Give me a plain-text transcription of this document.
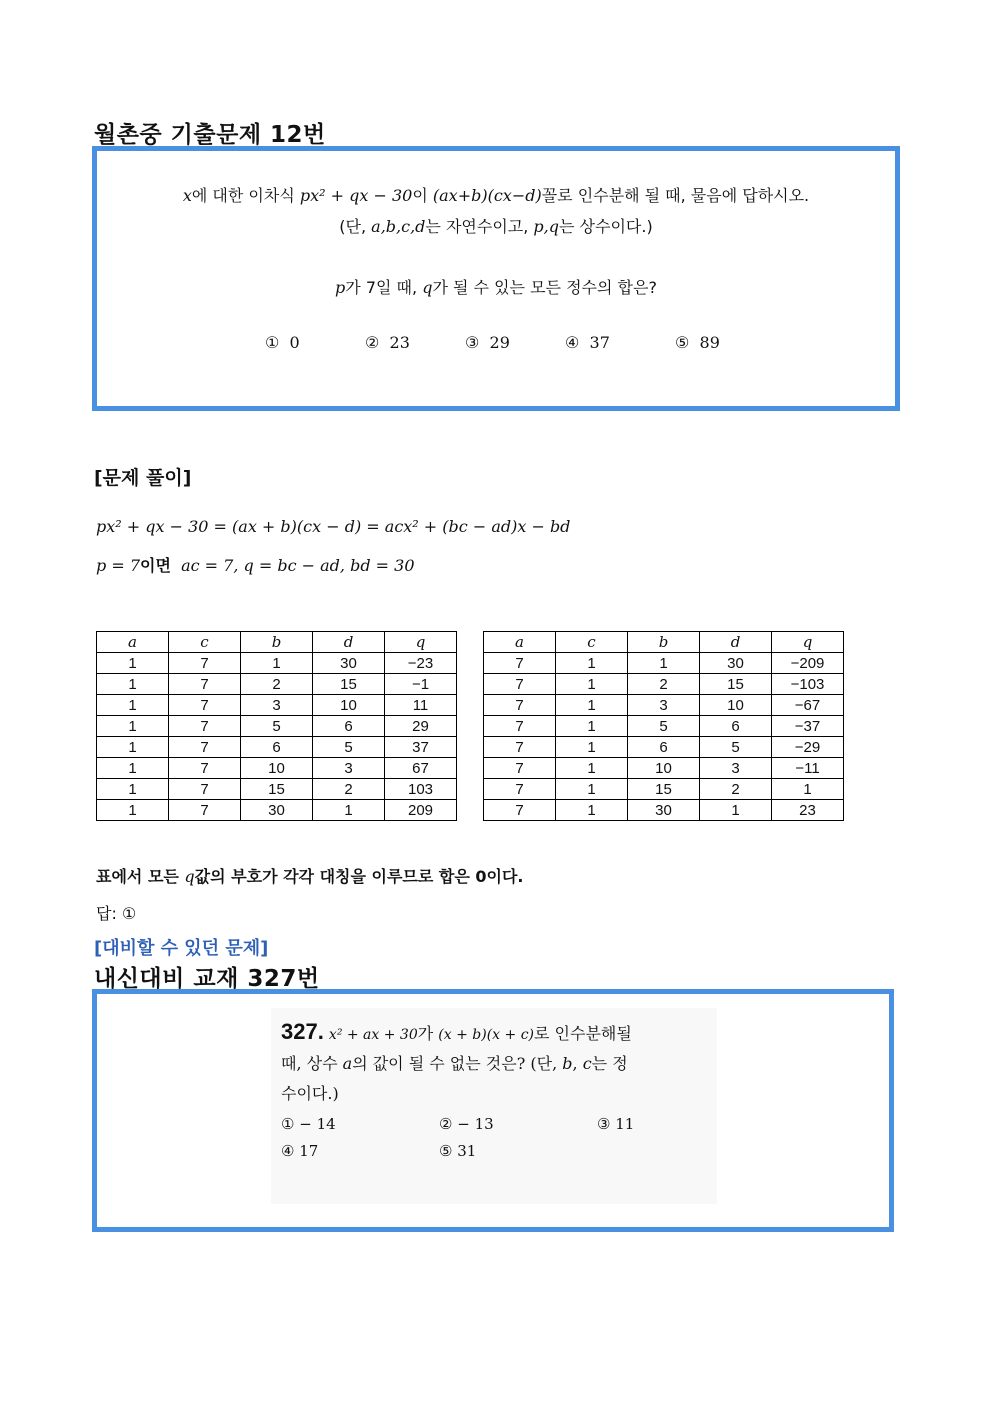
월촌중 기출문제 12번
x에 대한 이차식 px² + qx − 30이 (ax+b)(cx−d)꼴로 인수분해 될 때, 물음에 답하시오.
(단, a,b,c,d는 자연수이고, p,q는 상수이다.)
p가 7일 때, q가 될 수 있는 모든 정수의 합은?
① 0	② 23	③ 29	④ 37	⑤ 89
[문제 풀이]
px² + qx − 30 = (ax + b)(cx − d) = acx² + (bc − ad)x − bd
p = 7이면 ac = 7, q = bc − ad, bd = 30
a	c	b	d	q
1	7	1	30	−23
1	7	2	15	−1
1	7	3	10	11
1	7	5	6	29
1	7	6	5	37
1	7	10	3	67
1	7	15	2	103
1	7	30	1	209
a	c	b	d	q
7	1	1	30	−209
7	1	2	15	−103
7	1	3	10	−67
7	1	5	6	−37
7	1	6	5	−29
7	1	10	3	−11
7	1	15	2	1
7	1	30	1	23
표에서 모든 q값의 부호가 각각 대칭을 이루므로 합은 0이다.
답: ①
[대비할 수 있던 문제]
내신대비 교재 327번
327. x² + ax + 30가 (x + b)(x + c)로 인수분해될
때, 상수 a의 값이 될 수 없는 것은? (단, b, c는 정
수이다.)
① − 14	② − 13	③ 11
④ 17	⑤ 31
